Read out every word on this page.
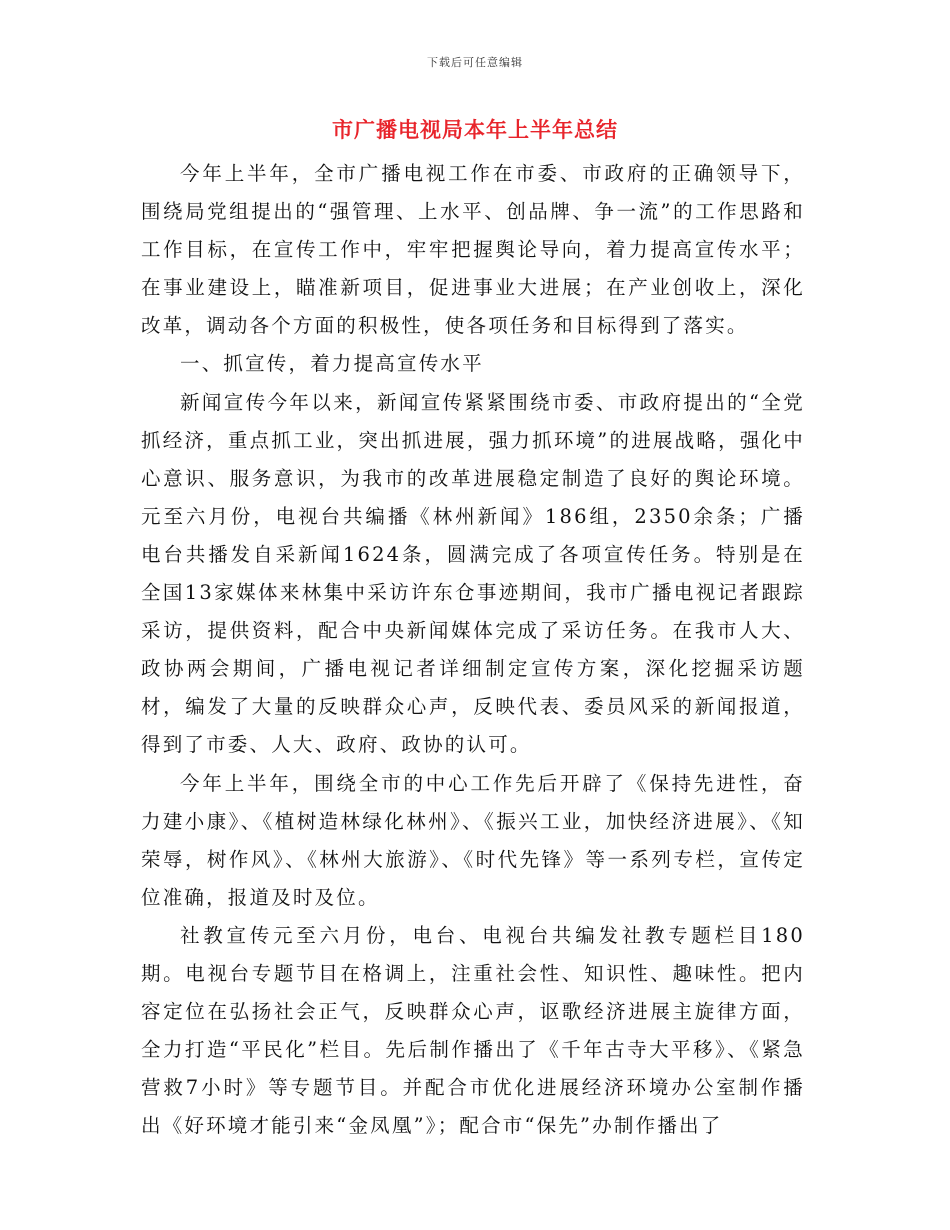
下载后可任意编辑
市广播电视局本年上半年总结

今年上半年，全市广播电视工作在市委、市政府的正确领导下，围绕局党组提出的“强管理、上水平、创品牌、争一流”的工作思路和工作目标，在宣传工作中，牢牢把握舆论导向，着力提高宣传水平；在事业建设上，瞄准新项目，促进事业大进展；在产业创收上，深化改革，调动各个方面的积极性，使各项任务和目标得到了落实。

一、抓宣传，着力提高宣传水平

新闻宣传今年以来，新闻宣传紧紧围绕市委、市政府提出的“全党抓经济，重点抓工业，突出抓进展，强力抓环境”的进展战略，强化中心意识、服务意识，为我市的改革进展稳定制造了良好的舆论环境。元至六月份，电视台共编播《林州新闻》186组，2350余条；广播电台共播发自采新闻1624条，圆满完成了各项宣传任务。特别是在全国13家媒体来林集中采访许东仓事迹期间，我市广播电视记者跟踪采访，提供资料，配合中央新闻媒体完成了采访任务。在我市人大、政协两会期间，广播电视记者详细制定宣传方案，深化挖掘采访题材，编发了大量的反映群众心声，反映代表、委员风采的新闻报道，得到了市委、人大、政府、政协的认可。

今年上半年，围绕全市的中心工作先后开辟了《保持先进性，奋力建小康》、《植树造林绿化林州》、《振兴工业，加快经济进展》、《知荣辱，树作风》、《林州大旅游》、《时代先锋》等一系列专栏，宣传定位准确，报道及时及位。

社教宣传元至六月份，电台、电视台共编发社教专题栏目180期。电视台专题节目在格调上，注重社会性、知识性、趣味性。把内容定位在弘扬社会正气，反映群众心声，讴歌经济进展主旋律方面，全力打造“平民化”栏目。先后制作播出了《千年古寺大平移》、《紧急营救7小时》等专题节目。并配合市优化进展经济环境办公室制作播出《好环境才能引来“金凤凰”》；配合市“保先”办制作播出了
